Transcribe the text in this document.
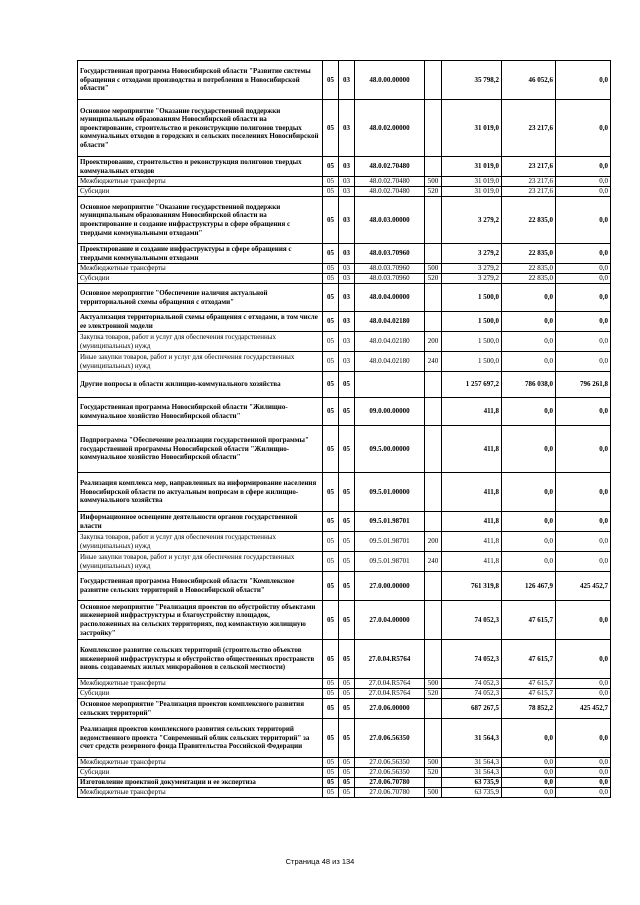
Государственная программа Новосибирской области "Развитие системы обращения с отходами производства и потребления в Новосибирской области"	05	03	48.0.00.00000		35 798,2	46 052,6	0,0
Основное мероприятие "Оказание государственной поддержки муниципальным образованиям Новосибирской области на проектирование, строительство и реконструкцию полигонов твердых коммунальных отходов в городских и сельских поселениях Новосибирской области"	05	03	48.0.02.00000		31 019,0	23 217,6	0,0
Проектирование, строительство и реконструкция полигонов твердых коммунальных отходов	05	03	48.0.02.70480		31 019,0	23 217,6	0,0
Межбюджетные трансферты	05	03	48.0.02.70480	500	31 019,0	23 217,6	0,0
Субсидии	05	03	48.0.02.70480	520	31 019,0	23 217,6	0,0
Основное мероприятие "Оказание государственной поддержки муниципальным образованиям Новосибирской области на проектирование и создание инфраструктуры в сфере обращения с твердыми коммунальными отходами"	05	03	48.0.03.00000		3 279,2	22 835,0	0,0
Проектирование и создание инфраструктуры в сфере обращения с твердыми коммунальными отходами	05	03	48.0.03.70960		3 279,2	22 835,0	0,0
Межбюджетные трансферты	05	03	48.0.03.70960	500	3 279,2	22 835,0	0,0
Субсидии	05	03	48.0.03.70960	520	3 279,2	22 835,0	0,0
Основное мероприятие "Обеспечение наличия актуальной территориальной схемы обращения с отходами"	05	03	48.0.04.00000		1 500,0	0,0	0,0
Актуализация территориальной схемы обращения с отходами, в том числе ее электронной модели	05	03	48.0.04.02180		1 500,0	0,0	0,0
Закупка товаров, работ и услуг для обеспечения государственных (муниципальных) нужд	05	03	48.0.04.02180	200	1 500,0	0,0	0,0
Иные закупки товаров, работ и услуг для обеспечения государственных (муниципальных) нужд	05	03	48.0.04.02180	240	1 500,0	0,0	0,0
Другие вопросы в области жилищно-коммунального хозяйства	05	05			1 257 697,2	786 038,0	796 261,8
Государственная программа Новосибирской области "Жилищно-коммунальное хозяйство Новосибирской области"	05	05	09.0.00.00000		411,8	0,0	0,0
Подпрограмма "Обеспечение реализации государственной программы" государственной программы Новосибирской области "Жилищно-коммунальное хозяйство Новосибирской области"	05	05	09.5.00.00000		411,8	0,0	0,0
Реализация комплекса мер, направленных на информирование населения Новосибирской области по актуальным вопросам в сфере жилищно-коммунального хозяйства	05	05	09.5.01.00000		411,8	0,0	0,0
Информационное освещение деятельности органов государственной власти	05	05	09.5.01.98701		411,8	0,0	0,0
Закупка товаров, работ и услуг для обеспечения государственных (муниципальных) нужд	05	05	09.5.01.98701	200	411,8	0,0	0,0
Иные закупки товаров, работ и услуг для обеспечения государственных (муниципальных) нужд	05	05	09.5.01.98701	240	411,8	0,0	0,0
Государственная программа Новосибирской области "Комплексное развитие сельских территорий в Новосибирской области"	05	05	27.0.00.00000		761 319,8	126 467,9	425 452,7
Основное мероприятие "Реализация проектов по обустройству объектами инженерной инфраструктуры и благоустройству площадок, расположенных на сельских территориях, под компактную жилищную застройку"	05	05	27.0.04.00000		74 052,3	47 615,7	0,0
Комплексное развитие сельских территорий (строительство объектов инженерной инфраструктуры и обустройство общественных пространств вновь создаваемых жилых микрорайонов в сельской местности)	05	05	27.0.04.R5764		74 052,3	47 615,7	0,0
Межбюджетные трансферты	05	05	27.0.04.R5764	500	74 052,3	47 615,7	0,0
Субсидии	05	05	27.0.04.R5764	520	74 052,3	47 615,7	0,0
Основное мероприятие "Реализация проектов комплексного развития сельских территорий"	05	05	27.0.06.00000		687 267,5	78 852,2	425 452,7
Реализация проектов комплексного развития сельских территорий ведомственного проекта "Современный облик сельских территорий" за счет средств резервного фонда Правительства Российской Федерации	05	05	27.0.06.56350		31 564,3	0,0	0,0
Межбюджетные трансферты	05	05	27.0.06.56350	500	31 564,3	0,0	0,0
Субсидии	05	05	27.0.06.56350	520	31 564,3	0,0	0,0
Изготовление проектной документации и ее экспертиза	05	05	27.0.06.70780		63 735,9	0,0	0,0
Межбюджетные трансферты	05	05	27.0.06.70780	500	63 735,9	0,0	0,0
Страница 48 из 134
